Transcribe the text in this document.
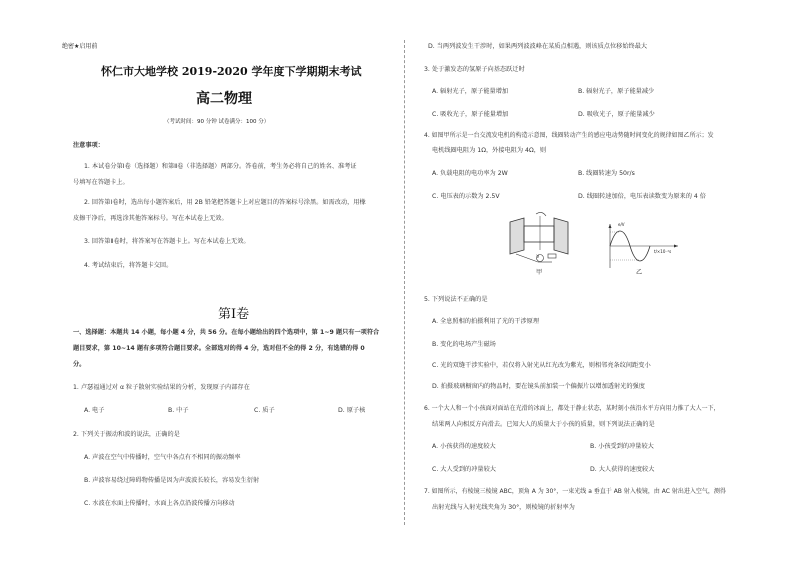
绝密★启用前
怀仁市大地学校 2019-2020 学年度下学期期末考试
高二物理
（考试时间：90 分钟 试卷满分：100 分）
注意事项：
1. 本试卷分第Ⅰ卷（选择题）和第Ⅱ卷（非选择题）两部分。答卷前，考生务必将自己的姓名、准考证
号填写在答题卡上。
2. 回答第Ⅰ卷时，选出每小题答案后，用 2B 铅笔把答题卡上对应题目的答案标号涂黑。如需改动，用橡
皮擦干净后，再选涂其他答案标号。写在本试卷上无效。
3. 回答第Ⅱ卷时，将答案写在答题卡上。写在本试卷上无效。
4. 考试结束后，将答题卡交回。
第Ⅰ卷
一、选择题：本题共 14 小题，每小题 4 分，共 56 分。在每小题给出的四个选项中，第 1~9 题只有一项符合
题目要求，第 10~14 题有多项符合题目要求。全部选对的得 4 分，选对但不全的得 2 分，有选错的得 0
分。
1. 卢瑟福通过对 α 粒子散射实验结果的分析，发现原子内部存在
A. 电子	B. 中子	C. 质子	D. 原子核
2. 下列关于振动和波的说法，正确的是
A. 声波在空气中传播时，空气中各点有不相同的振动频率
B. 声波容易绕过障碍物传播是因为声波波长较长，容易发生衍射
C. 水波在水面上传播时，水面上各点沿波传播方向移动
D. 当两列波发生干涉时，如果两列波波峰在某质点相遇，则该质点位移始终最大
3. 处于激发态的氢原子向基态跃迁时
A. 辐射光子，原子能量增加	B. 辐射光子，原子能量减少
C. 吸收光子，原子能量增加	D. 吸收光子，原子能量减少
4. 如图甲所示是一台交流发电机的构造示意图，线圈转动产生的感应电动势随时间变化的规律如图乙所示；发
电机线圈电阻为 1Ω，外接电阻为 4Ω，则
A. 负载电阻的电功率为 2W	B. 线圈转速为 50r/s
C. 电压表的示数为 2.5V	D. 线圈转速加倍，电压表读数变为原来的 4 倍
甲
V
e/V
t/×10⁻²s
乙
5. 下列说法不正确的是
A. 全息照相的拍摄利用了光的干涉原理
B. 变化的电场产生磁场
C. 光的双缝干涉实验中，若仅将入射光从红光改为紫光，则相邻亮条纹间距变小
D. 拍摄玻璃橱窗内的物品时，要在镜头前加装一个偏振片以增加透射光的强度
6. 一个大人和一个小孩面对面站在光滑的冰面上，都处于静止状态，某时刻小孩沿水平方向用力推了大人一下，
结果两人向相反方向滑去。已知大人的质量大于小孩的质量，则下列说法正确的是
A. 小孩获得的速度较大	B. 小孩受到的冲量较大
C. 大人受到的冲量较大	D. 大人获得的速度较大
7. 如图所示，有棱镜三棱镜 ABC，顶角 A 为 30°，一束光线 a 垂直于 AB 射入棱镜，由 AC 射出进入空气，测得
出射光线与入射光线夹角为 30°，则棱镜的折射率为
